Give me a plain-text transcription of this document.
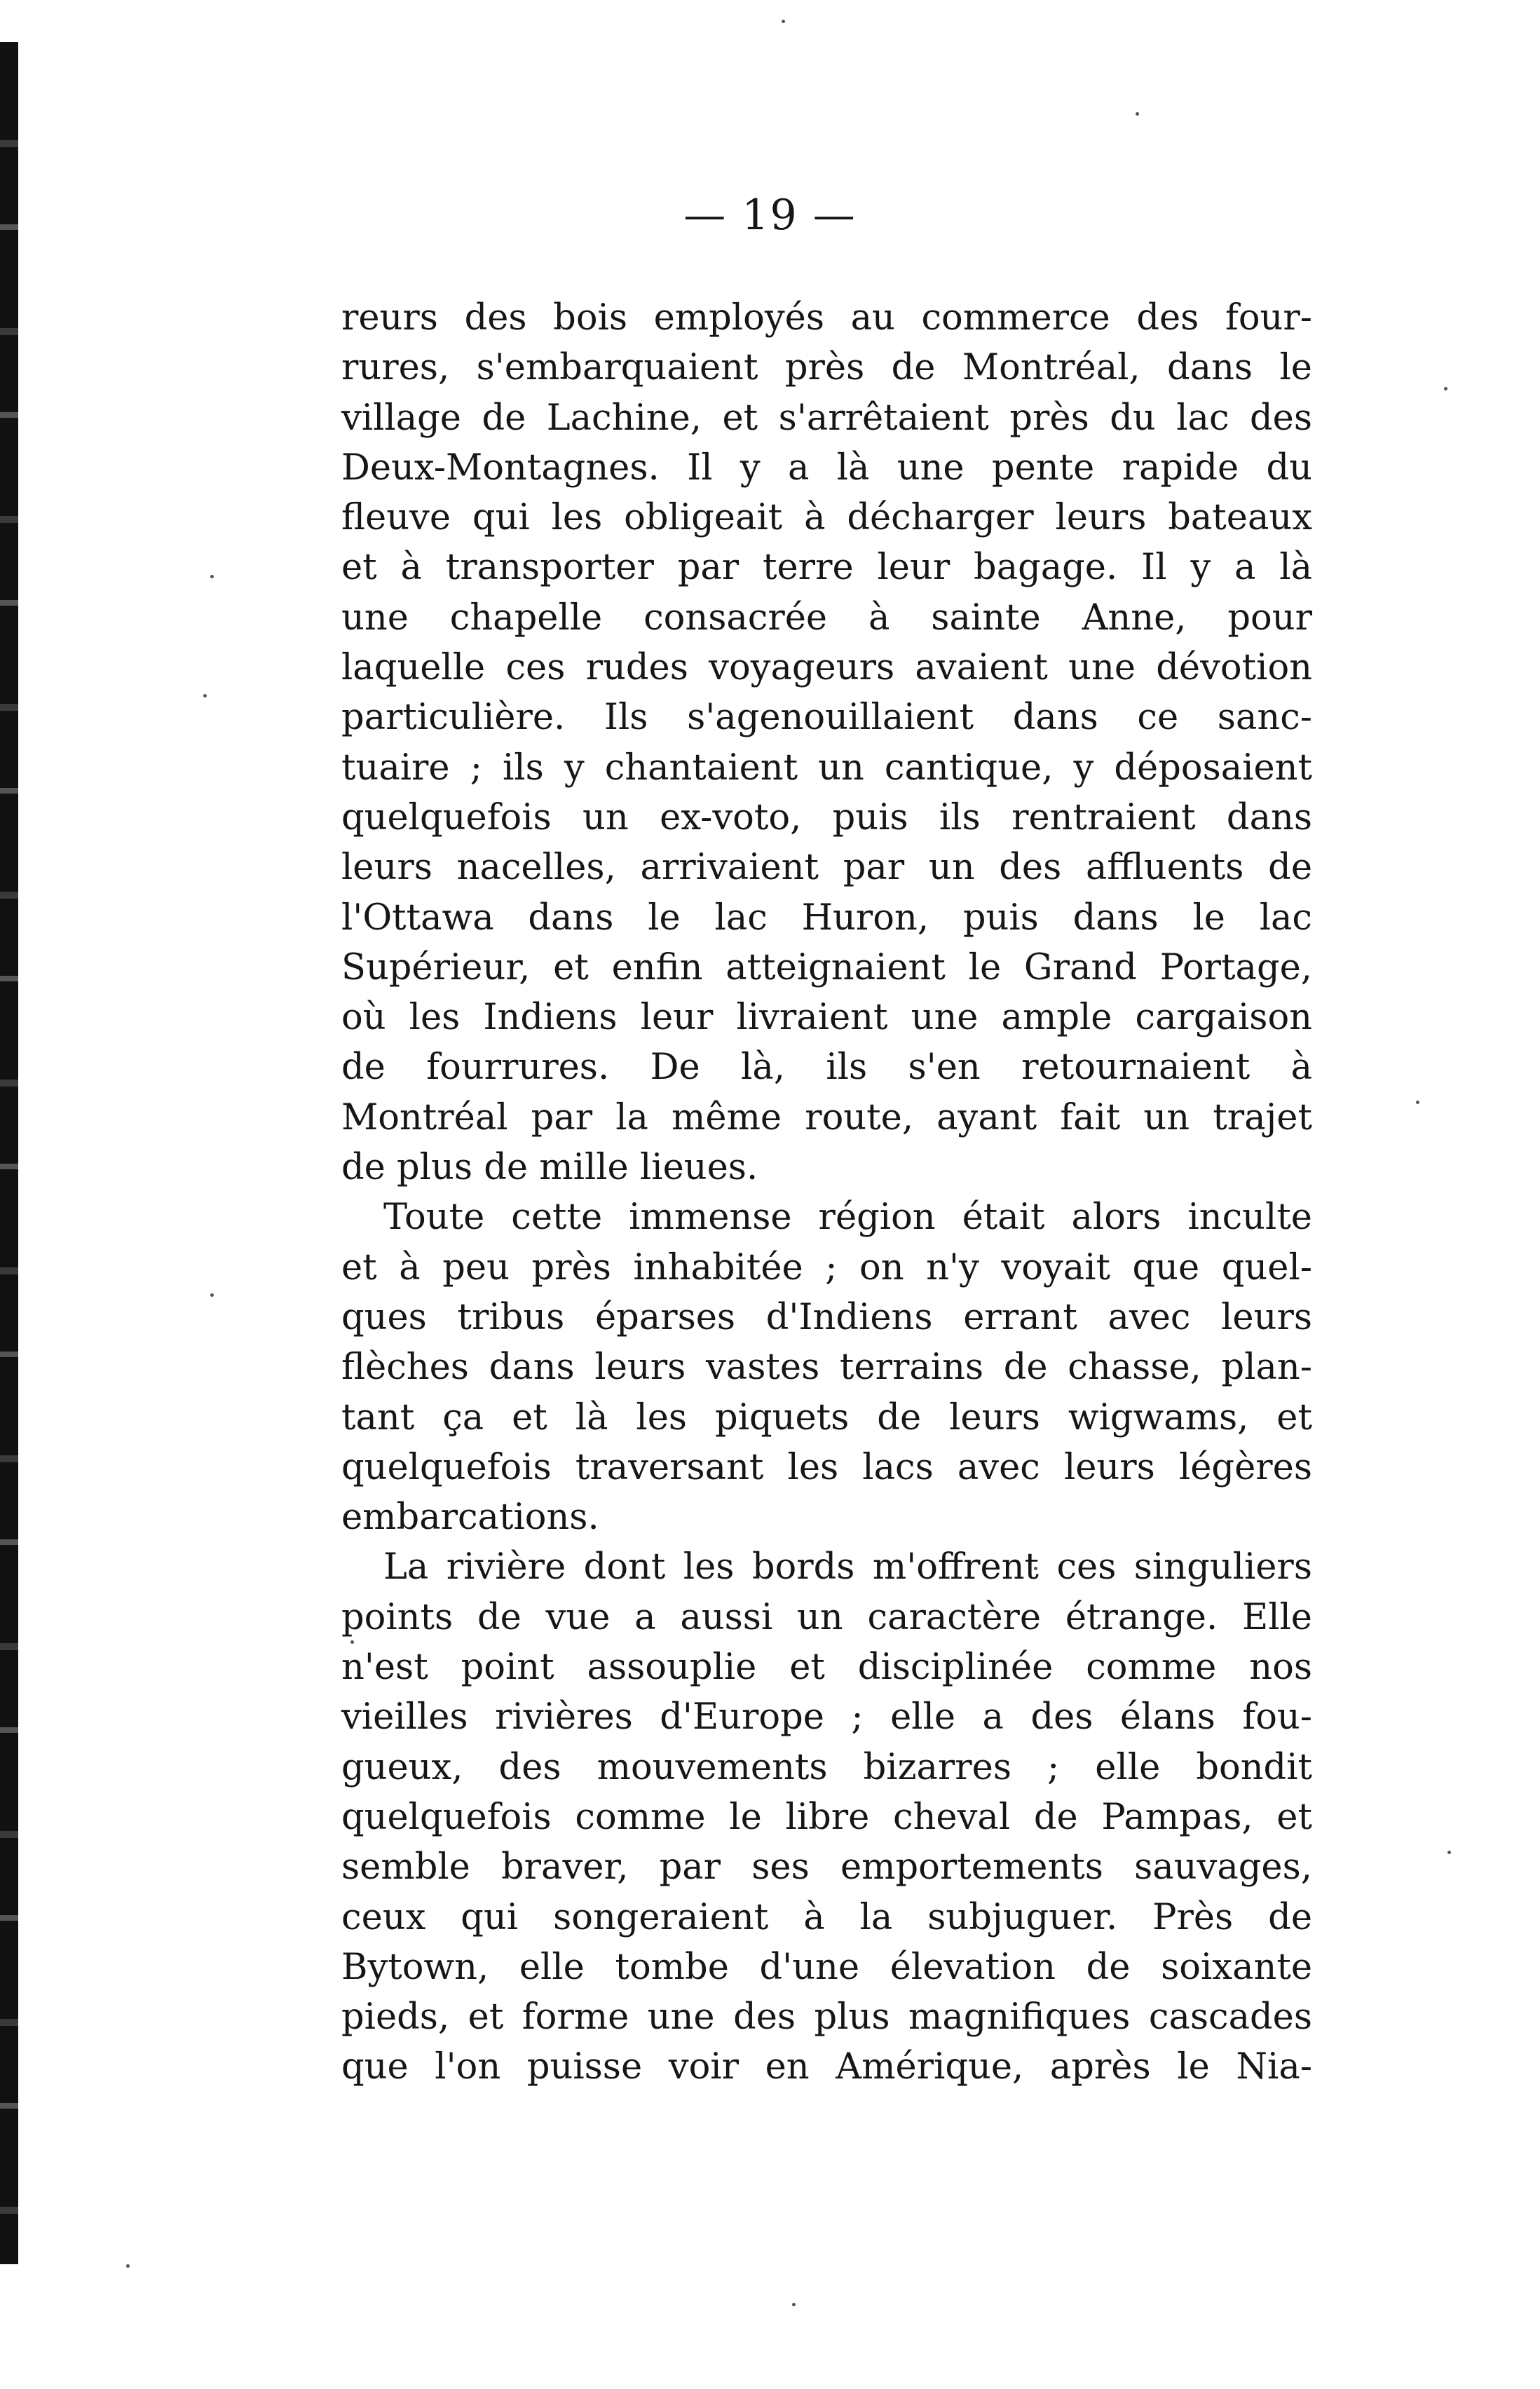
— 19 —
reurs des bois employés au commerce des four-
rures, s'embarquaient près de Montréal, dans le
village de Lachine, et s'arrêtaient près du lac des
Deux-Montagnes. Il y a là une pente rapide du
fleuve qui les obligeait à décharger leurs bateaux
et à transporter par terre leur bagage. Il y a là
une chapelle consacrée à sainte Anne, pour
laquelle ces rudes voyageurs avaient une dévotion
particulière. Ils s'agenouillaient dans ce sanc-
tuaire ; ils y chantaient un cantique, y déposaient
quelquefois un ex-voto, puis ils rentraient dans
leurs nacelles, arrivaient par un des affluents de
l'Ottawa dans le lac Huron, puis dans le lac
Supérieur, et enfin atteignaient le Grand Portage,
où les Indiens leur livraient une ample cargaison
de fourrures. De là, ils s'en retournaient à
Montréal par la même route, ayant fait un trajet
de plus de mille lieues.
Toute cette immense région était alors inculte
et à peu près inhabitée ; on n'y voyait que quel-
ques tribus éparses d'Indiens errant avec leurs
flèches dans leurs vastes terrains de chasse, plan-
tant ça et là les piquets de leurs wigwams, et
quelquefois traversant les lacs avec leurs légères
embarcations.
La rivière dont les bords m'offrent ces singuliers
points de vue a aussi un caractère étrange. Elle
n'est point assouplie et disciplinée comme nos
vieilles rivières d'Europe ; elle a des élans fou-
gueux, des mouvements bizarres ; elle bondit
quelquefois comme le libre cheval de Pampas, et
semble braver, par ses emportements sauvages,
ceux qui songeraient à la subjuguer. Près de
Bytown, elle tombe d'une élevation de soixante
pieds, et forme une des plus magnifiques cascades
que l'on puisse voir en Amérique, après le Nia-
